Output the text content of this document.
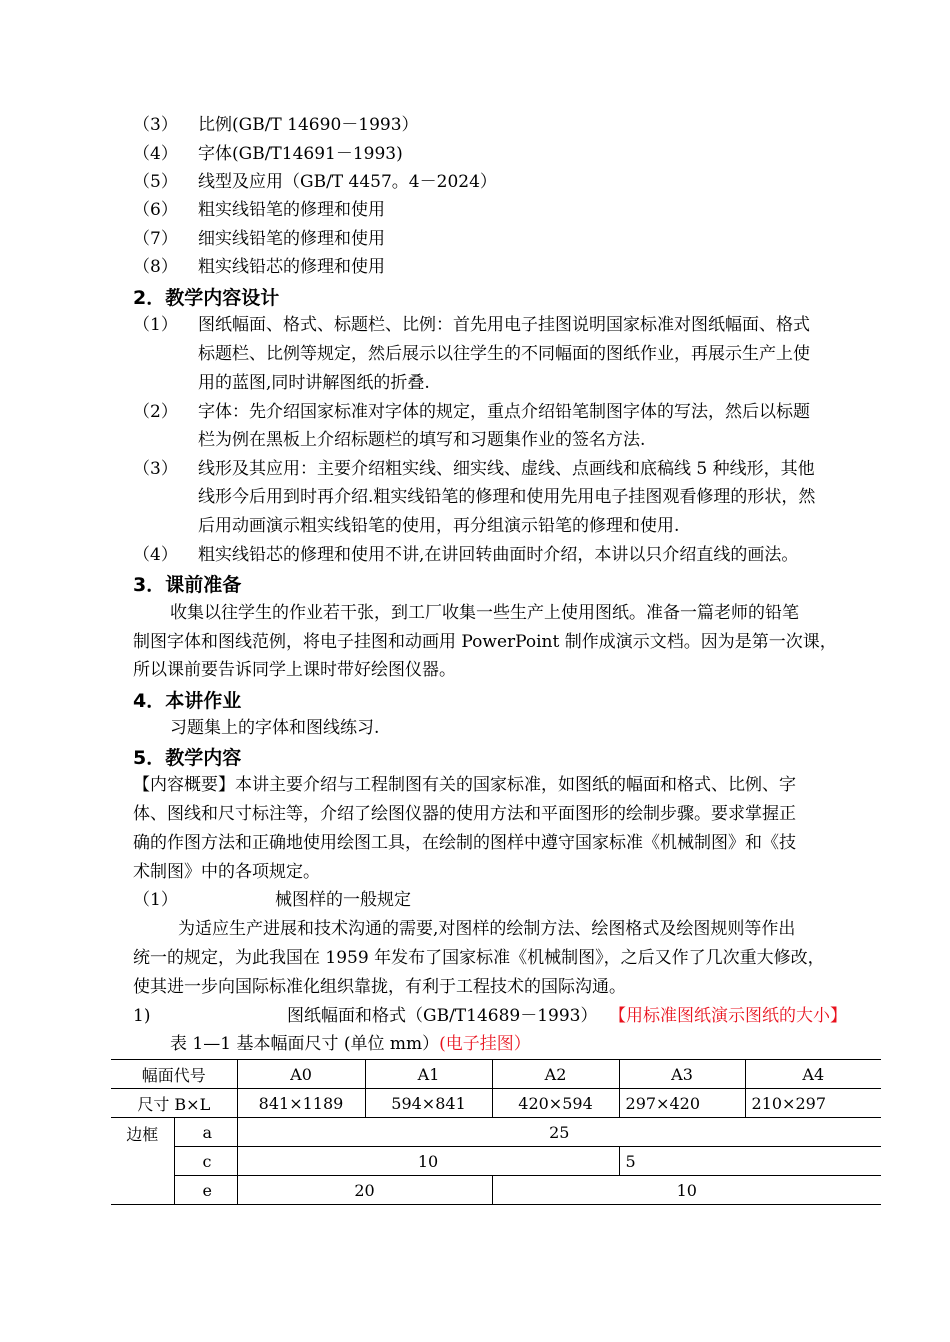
（3） 比例(GB/T 14690－1993）
（4） 字体(GB/T14691－1993)
（5） 线型及应用（GB/T 4457。4－2024）
（6） 粗实线铅笔的修理和使用
（7） 细实线铅笔的修理和使用
（8） 粗实线铅芯的修理和使用
2．教学内容设计
（1） 图纸幅面、格式、标题栏、比例：首先用电子挂图说明国家标准对图纸幅面、格式
标题栏、比例等规定，然后展示以往学生的不同幅面的图纸作业，再展示生产上使
用的蓝图,同时讲解图纸的折叠.
（2） 字体：先介绍国家标准对字体的规定，重点介绍铅笔制图字体的写法，然后以标题
栏为例在黑板上介绍标题栏的填写和习题集作业的签名方法.
（3） 线形及其应用：主要介绍粗实线、细实线、虚线、点画线和底稿线 5 种线形，其他
线形今后用到时再介绍.粗实线铅笔的修理和使用先用电子挂图观看修理的形状，然
后用动画演示粗实线铅笔的使用，再分组演示铅笔的修理和使用.
（4） 粗实线铅芯的修理和使用不讲,在讲回转曲面时介绍，本讲以只介绍直线的画法。
3．课前准备
收集以往学生的作业若干张，到工厂收集一些生产上使用图纸。准备一篇老师的铅笔
制图字体和图线范例，将电子挂图和动画用 PowerPoint 制作成演示文档。因为是第一次课，
所以课前要告诉同学上课时带好绘图仪器。
4．本讲作业
习题集上的字体和图线练习.
5．教学内容
【内容概要】本讲主要介绍与工程制图有关的国家标准，如图纸的幅面和格式、比例、字
体、图线和尺寸标注等，介绍了绘图仪器的使用方法和平面图形的绘制步骤。要求掌握正
确的作图方法和正确地使用绘图工具，在绘制的图样中遵守国家标准《机械制图》和《技
术制图》中的各项规定。
（1）	械图样的一般规定
为适应生产进展和技术沟通的需要,对图样的绘制方法、绘图格式及绘图规则等作出
统一的规定，为此我国在 1959 年发布了国家标准《机械制图》，之后又作了几次重大修改，
使其进一步向国际标准化组织靠拢，有利于工程技术的国际沟通。
1)	图纸幅面和格式（GB/T14689－1993） 【用标准图纸演示图纸的大小】
表 1—1 基本幅面尺寸 (单位 mm）(电子挂图）
幅面代号		A0	A1	A2	A3	A4
尺寸 B×L		841×1189	594×841	420×594	297×420	210×297
边框	a	25				
	c	10			5	
	e	20		10		
